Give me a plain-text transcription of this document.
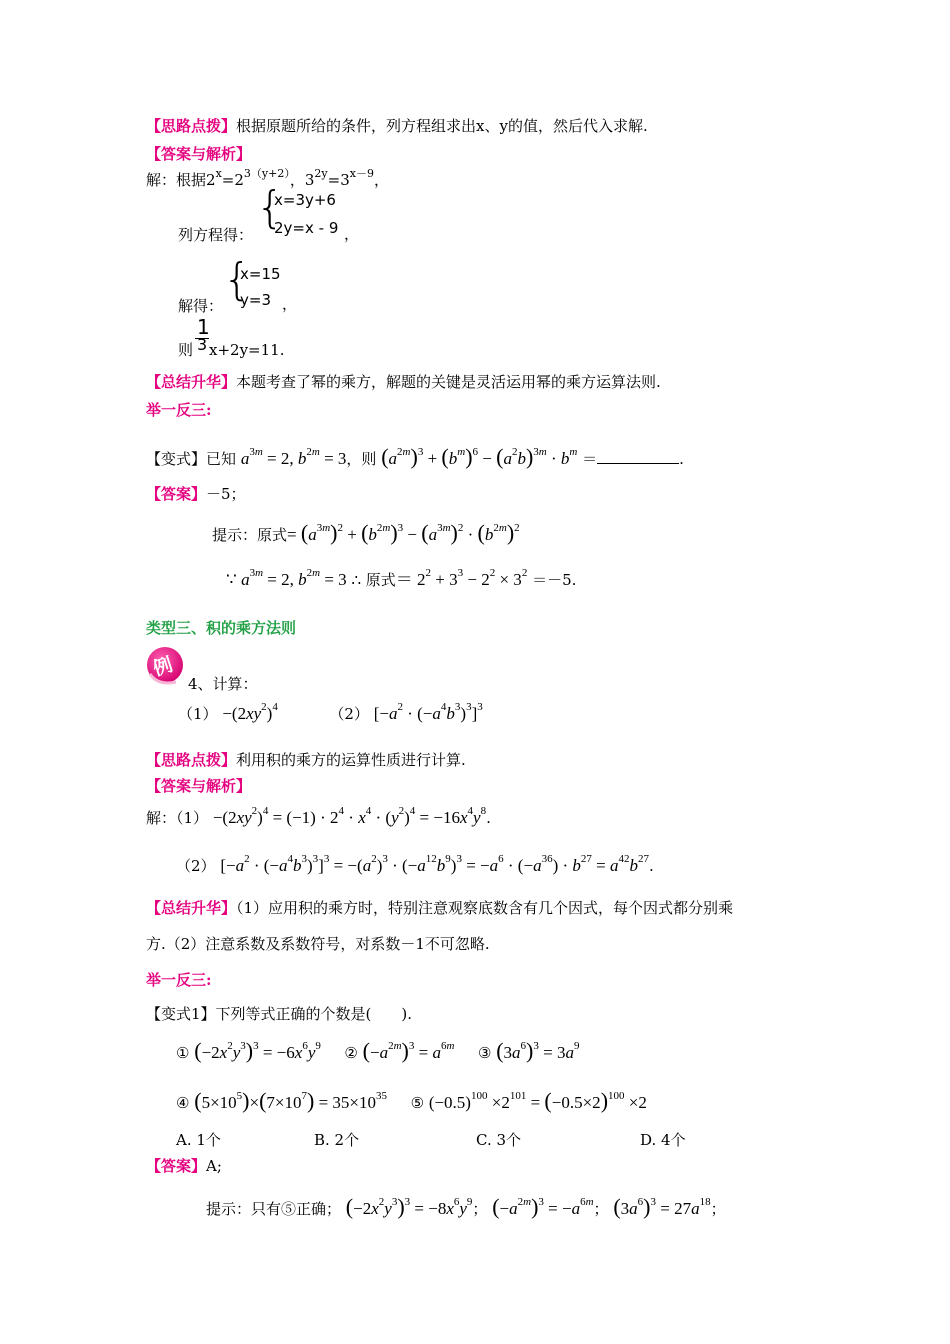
【思路点拨】根据原题所给的条件，列方程组求出x、y的值，然后代入求解.
【答案与解析】
解：根据$2^x=2^{3(y+2)}$，$3^{2y}=3^{x-9}$，
列方程得：
{
x=3y+6
2y=x - 9 ，
解得：
{
x=15
y=3 ，
则
1
3 x+2y=11.
【总结升华】本题考查了幂的乘方，解题的关键是灵活运用幂的乘方运算法则.
举一反三:
【变式】已知 $a^{3m} = 2$, $b^{2m} = 3$，则 $(a^{2m})^3 + (b^m)^6 - (a^2b)^{3m} \cdot b^m$ ＝	.
【答案】－5；
提示：原式= $(a^{3m})^2 + (b^{2m})^3 - (a^{3m})^2 \cdot (b^{2m})^2$
∵ $a^{3m} = 2$, $b^{2m} = 3$ ∴ 原式＝ $2^2 + 3^3 - 2^2 \times 3^2 =-5$.
类型三、积的乘方法则
例
4、计算：
$(1) -(2xy^2)^4$	（2） $[-a^2 \cdot (-a^4b^3)^3]^3$
【思路点拨】利用积的乘方的运算性质进行计算.
【答案与解析】
解：$(1) -(2xy^2)^4 = (-1) \cdot 2^4 \cdot x^4 \cdot (y^2)^4 = -16x^4y^8$.
（2） $[-a^2 \cdot (-a^4b^3)^3]^3 = -(a^2)^3 \cdot (-a^{12}b^9)^3 = -a^6 \cdot (-a^{36}) \cdot b^{27} = a^{42}b^{27}$.
【总结升华】（1）应用积的乘方时，特别注意观察底数含有几个因式，每个因式都分别乘
方.（2）注意系数及系数符号，对系数－1不可忽略.
举一反三:
【变式1】下列等式正确的个数是(　　).
① $(-2x^2y^3)^3 = -6x^6y^9$ ② $(-a^{2m})^3 = a^{6m}$ ③ $(3a^6)^3 = 3a^9$
④ $(5\times 10^5)\times(7\times 10^7) = 35\times 10^{35}$ ⑤ $(-0.5)^{100} \times 2^{101} = (-0.5\times 2)^{100} \times 2$
A. 1个	B. 2个	C. 3个	D. 4个
【答案】A;
提示：只有⑤正确； $(-2x^2y^3)^3 = -8x^6y^9$； $(-a^{2m})^3 = -a^{6m}$； $(3a^6)^3 = 27a^{18}$；
